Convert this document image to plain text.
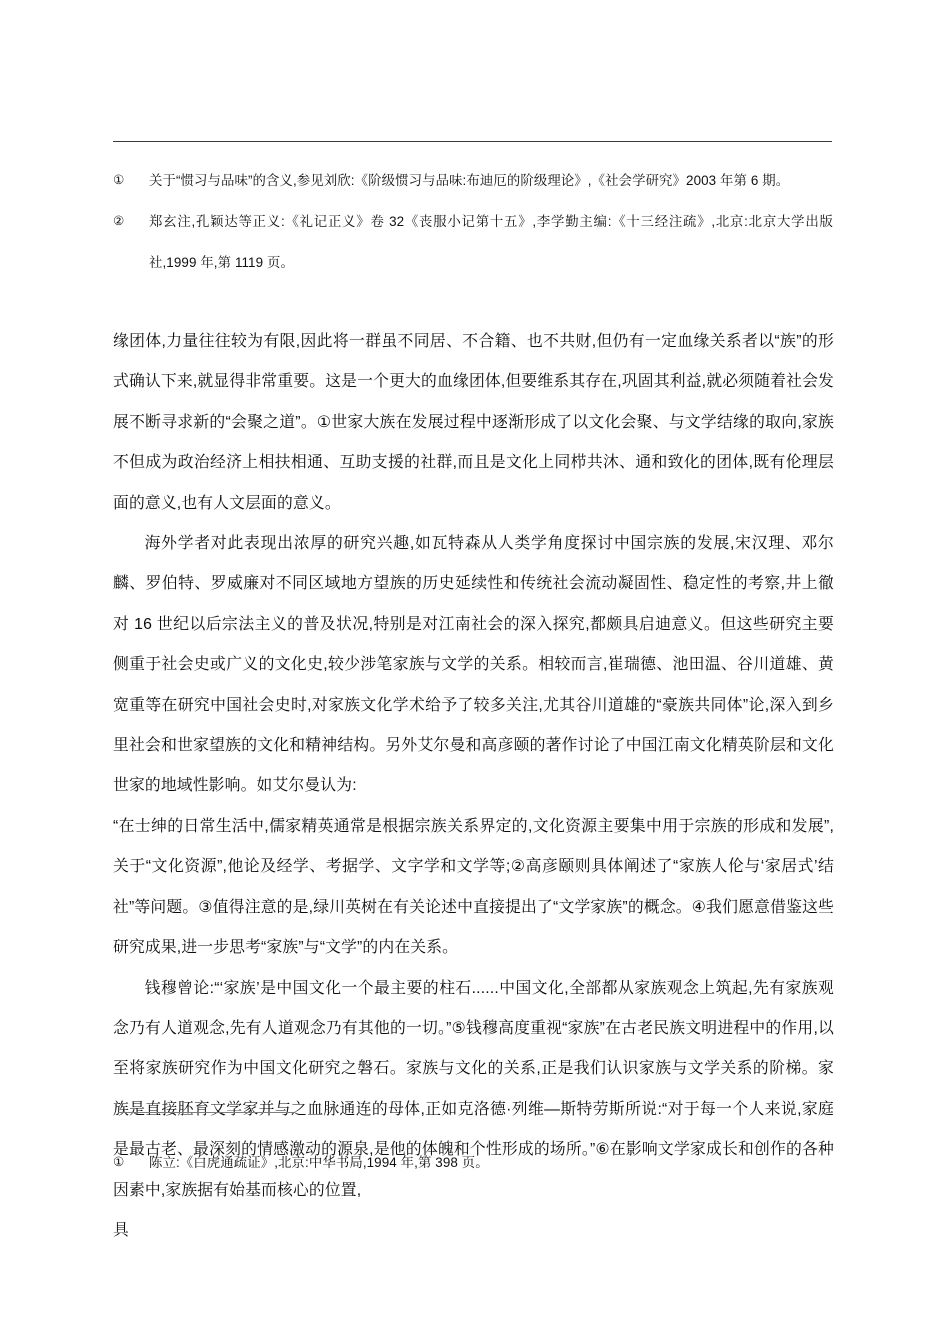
①	关于“惯习与品味”的含义,参见刘欣:《阶级惯习与品味:布迪厄的阶级理论》,《社会学研究》2003 年第 6 期。
②	郑玄注,孔颖达等正义:《礼记正义》卷 32《丧服小记第十五》,李学勤主编:《十三经注疏》,北京:北京大学出版社,1999 年,第 1119 页。

缘团体,力量往往较为有限,因此将一群虽不同居、不合籍、也不共财,但仍有一定血缘关系者以“族”的形式确认下来,就显得非常重要。这是一个更大的血缘团体,但要维系其存在,巩固其利益,就必须随着社会发展不断寻求新的“会聚之道”。①世家大族在发展过程中逐渐形成了以文化会聚、与文学结缘的取向,家族不但成为政治经济上相扶相通、互助支援的社群,而且是文化上同栉共沐、通和致化的团体,既有伦理层面的意义,也有人文层面的意义。

海外学者对此表现出浓厚的研究兴趣,如瓦特森从人类学角度探讨中国宗族的发展,宋汉理、邓尔麟、罗伯特、罗威廉对不同区域地方望族的历史延续性和传统社会流动凝固性、稳定性的考察,井上徹对 16 世纪以后宗法主义的普及状况,特别是对江南社会的深入探究,都颇具启迪意义。但这些研究主要侧重于社会史或广义的文化史,较少涉笔家族与文学的关系。相较而言,崔瑞德、池田温、谷川道雄、黄宽重等在研究中国社会史时,对家族文化学术给予了较多关注,尤其谷川道雄的“豪族共同体”论,深入到乡里社会和世家望族的文化和精神结构。另外艾尔曼和高彦颐的著作讨论了中国江南文化精英阶层和文化世家的地域性影响。如艾尔曼认为:

“在士绅的日常生活中,儒家精英通常是根据宗族关系界定的,文化资源主要集中用于宗族的形成和发展”,关于“文化资源”,他论及经学、考据学、文字学和文学等;②高彦颐则具体阐述了“家族人伦与‘家居式’结社”等问题。③值得注意的是,绿川英树在有关论述中直接提出了“文学家族”的概念。④我们愿意借鉴这些研究成果,进一步思考“家族”与“文学”的内在关系。

钱穆曾论:“‘家族’是中国文化一个最主要的柱石......中国文化,全部都从家族观念上筑起,先有家族观念乃有人道观念,先有人道观念乃有其他的一切。”⑤钱穆高度重视“家族”在古老民族文明进程中的作用,以至将家族研究作为中国文化研究之磐石。家族与文化的关系,正是我们认识家族与文学关系的阶梯。家族是直接胚育文学家并与之血脉通连的母体,正如克洛德·列维—斯特劳斯所说:“对于每一个人来说,家庭是最古老、最深刻的情感激动的源泉,是他的体魄和个性形成的场所。”⑥在影响文学家成长和创作的各种因素中,家族据有始基而核心的位置,

具
①	陈立:《白虎通疏证》,北京:中华书局,1994 年,第 398 页。
